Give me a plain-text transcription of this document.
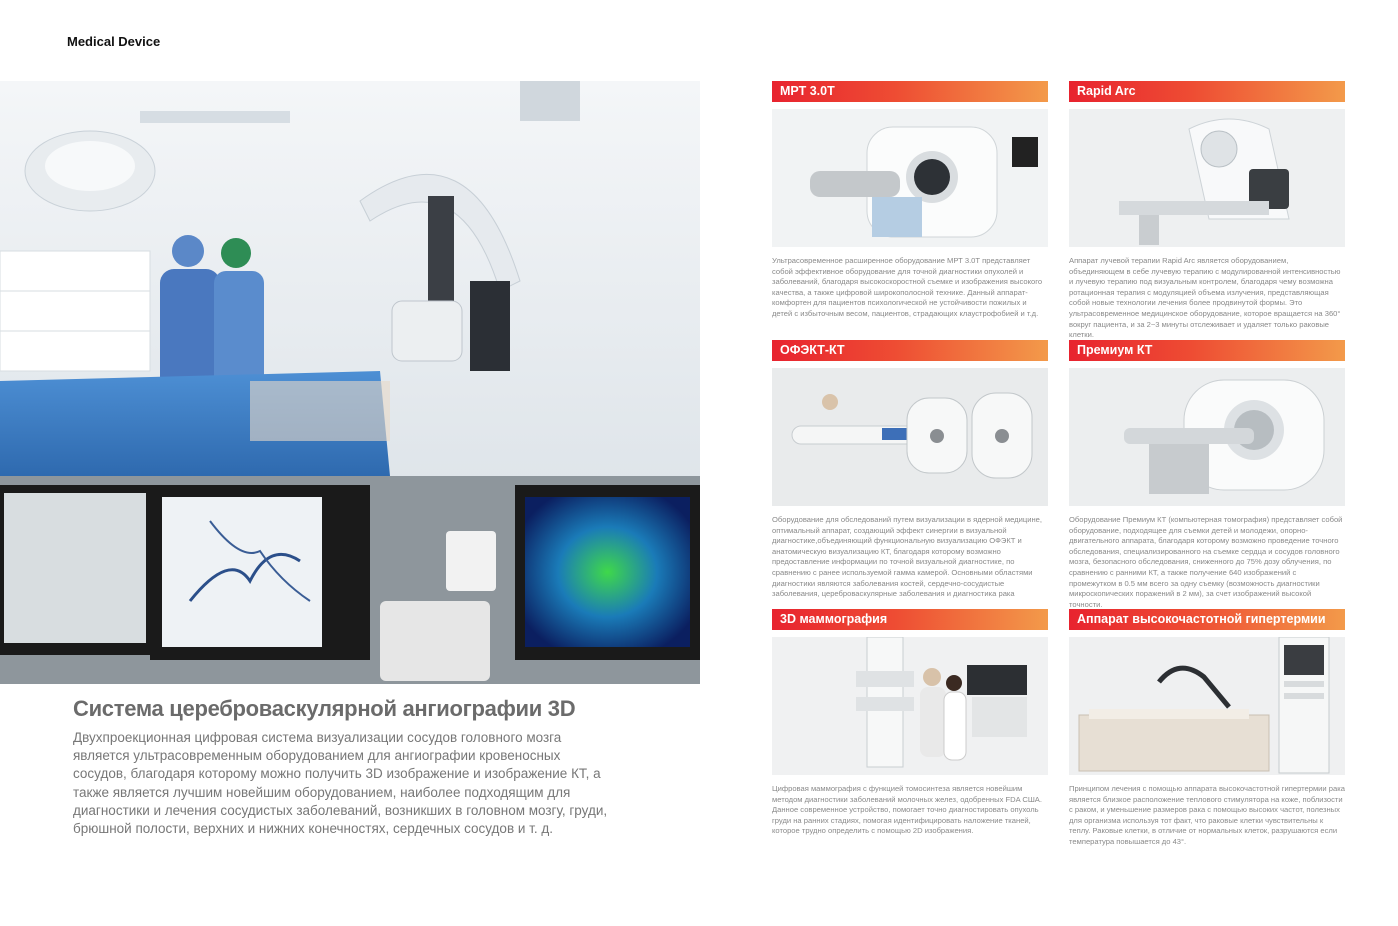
Medical Device
Система цереброваскулярной ангиографии 3D
Двухпроекционная цифровая система визуализации сосудов головного мозга является ультрасовременным оборудованием для ангиографии кровеносных сосудов, благодаря которому можно получить 3D изображение и изображение КТ, а также является лучшим новейшим оборудованием, наиболее подходящим для диагностики и лечения сосудистых заболеваний, возникших в головном мозгу, груди, брюшной полости, верхних и нижних конечностях, сердечных сосудов и т. д.
МРТ 3.0Т
Ультрасовременное расширенное оборудование МРТ 3.0Т представляет собой эффективное оборудование для точной диагностики опухолей и заболеваний, благодаря высокоскоростной съемке и изображения высокого качества, а также цифровой широкополосной технике. Данный аппарат-комфортен для пациентов психологической не устойчивости пожилых и детей с избыточным весом, пациентов, страдающих клаустрофобией и т.д.
Rapid Arc
Аппарат лучевой терапии Rapid Arc является оборудованием, объединяющем в себе лучевую терапию с модулированной интенсивностью и лучевую терапию под визуальным контролем, благодаря чему возможна ротационная терапия с модуляцией объема излучения, представляющая собой новые технологии лечения более продвинутой формы. Это ультрасовременное медицинское оборудование, которое вращается на 360° вокруг пациента, и за 2~3 минуты отслеживает и удаляет только раковые клетки.
ОФЭКТ-КТ
Оборудование для обследований путем визуализации в ядерной медицине, оптимальный аппарат, создающий эффект синергии в визуальной диагностике,объединяющий функциональную визуализацию ОФЭКТ и анатомическую визуализацию КТ, благодаря которому возможно предоставление информации по точной визуальной диагностике, по сравнению с ранее используемой гамма камерой. Основными областями диагностики являются заболевания костей, сердечно-сосудистые заболевания, цереброваскулярные заболевания и диагностика рака
Премиум КТ
Оборудование Премиум КТ (компьютерная томография) представляет собой оборудование, подходящее для съемки детей и молодежи, опорно-двигательного аппарата, благодаря которому возможно проведение точного обследования, специализированного на съемке сердца и сосудов головного мозга, безопасного обследования, сниженного до 75% дозу облучения, по сравнению с ранними КТ, а также получение 640 изображений с промежутком в 0.5 мм всего за одну съемку (возможность диагностики микроскопических поражений в 2 мм), за счет изображений высокой точности.
3D маммография
Цифровая маммография с функцией томосинтеза является новейшим методом диагностики заболеваний молочных желез, одобренных FDA США. Данное современное устройство, помогает точно диагностировать опухоль груди на ранних стадиях, помогая идентифицировать наложение тканей, которое трудно определить с помощью 2D изображения.
Аппарат высокочастотной гипертермии
Принципом лечения с помощью аппарата высокочастотной гипертермии рака является близкое расположение теплового стимулятора на коже, поблизости с раком, и уменьшение размеров рака с помощью высоких частот, полезных для организма используя тот факт, что раковые клетки чувствительны к теплу. Раковые клетки, в отличие от нормальных клеток, разрушаются если температура повышается до 43°.
